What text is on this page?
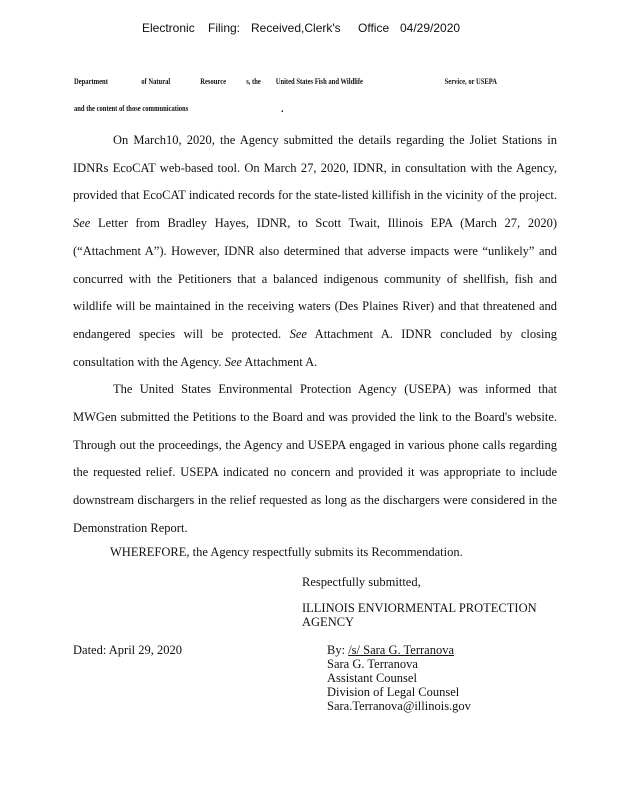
Electronic Filing: Received,Clerk's Office 04/29/2020
Department	of Natural	Resource	s, the United States Fish and Wildlife	Service, or USEPA
and the content of those communications	.

On March10, 2020, the Agency submitted the details regarding the Joliet Stations in IDNRs EcoCAT web-based tool. On March 27, 2020, IDNR, in consultation with the Agency, provided that EcoCAT indicated records for the state-listed killifish in the vicinity of the project. See Letter from Bradley Hayes, IDNR, to Scott Twait, Illinois EPA (March 27, 2020) (“Attachment A”). However, IDNR also determined that adverse impacts were “unlikely” and concurred with the Petitioners that a balanced indigenous community of shellfish, fish and wildlife will be maintained in the receiving waters (Des Plaines River) and that threatened and endangered species will be protected. See Attachment A. IDNR concluded by closing consultation with the Agency. See Attachment A.

The United States Environmental Protection Agency (USEPA) was informed that MWGen submitted the Petitions to the Board and was provided the link to the Board's website. Through out the proceedings, the Agency and USEPA engaged in various phone calls regarding the requested relief. USEPA indicated no concern and provided it was appropriate to include downstream dischargers in the relief requested as long as the dischargers were considered in the Demonstration Report.

WHEREFORE, the Agency respectfully submits its Recommendation.
Respectfully submitted,
ILLINOIS ENVIORMENTAL PROTECTION
AGENCY
Dated: April 29, 2020	By: /s/ Sara G. Terranova
Sara G. Terranova
Assistant Counsel
Division of Legal Counsel
Sara.Terranova@illinois.gov
